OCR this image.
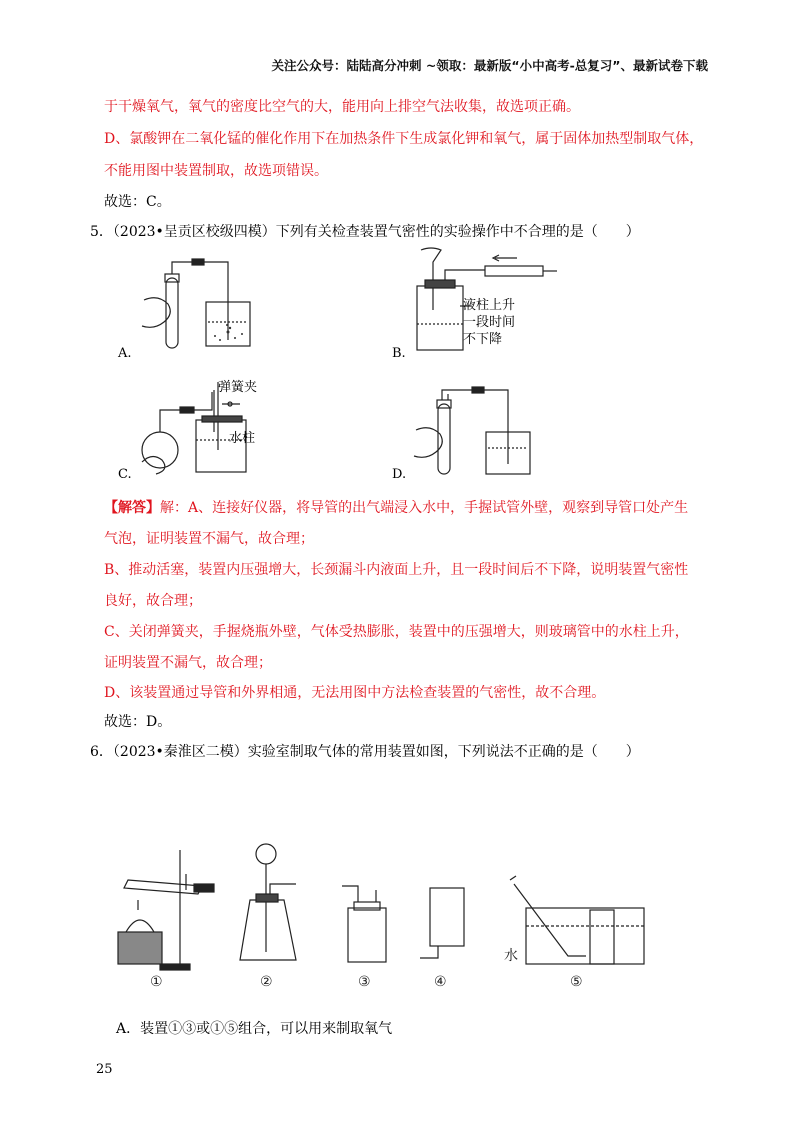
关注公众号：陆陆高分冲刺 ~领取：最新版“小中高考-总复习”、最新试卷下载
于干燥氧气，氧气的密度比空气的大，能用向上排空气法收集，故选项正确。
D、氯酸钾在二氧化锰的催化作用下在加热条件下生成氯化钾和氧气，属于固体加热型制取气体，
不能用图中装置制取，故选项错误。
故选：C。
5．（2023•呈贡区校级四模）下列有关检查装置气密性的实验操作中不合理的是（　　）
A.
液柱上升
一段时间
不下降
B.
弹簧夹
水柱
C.	D.
【解答】解：A、连接好仪器，将导管的出气端浸入水中，手握试管外壁，观察到导管口处产生
气泡，证明装置不漏气，故合理；
B、推动活塞，装置内压强增大，长颈漏斗内液面上升，且一段时间后不下降，说明装置气密性
良好，故合理；
C、关闭弹簧夹，手握烧瓶外壁，气体受热膨胀，装置中的压强增大，则玻璃管中的水柱上升，
证明装置不漏气，故合理；
D、该装置通过导管和外界相通，无法用图中方法检查装置的气密性，故不合理。
故选：D。
6．（2023•秦淮区二模）实验室制取气体的常用装置如图，下列说法不正确的是（　　）
①	②	③	④	⑤
水
A．装置①③或①⑤组合，可以用来制取氧气
25
